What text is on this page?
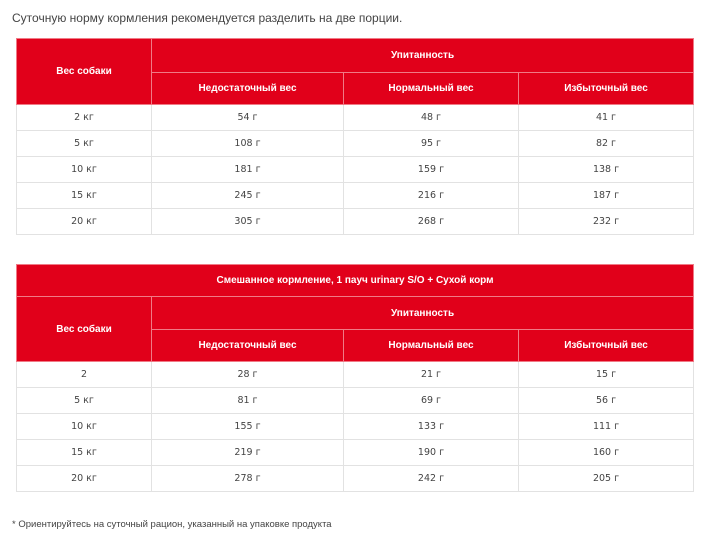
Суточную норму кормления рекомендуется разделить на две порции.

Вес собаки	Упитанность		
	Недостаточный вес	Нормальный вес	Избыточный вес
2 кг	54 г	48 г	41 г
5 кг	108 г	95 г	82 г
10 кг	181 г	159 г	138 г
15 кг	245 г	216 г	187 г
20 кг	305 г	268 г	232 г
Смешанное кормление, 1 пауч urinary S/O + Сухой корм			
Вес собаки	Упитанность		
	Недостаточный вес	Нормальный вес	Избыточный вес
2	28 г	21 г	15 г
5 кг	81 г	69 г	56 г
10 кг	155 г	133 г	111 г
15 кг	219 г	190 г	160 г
20 кг	278 г	242 г	205 г

* Ориентируйтесь на суточный рацион, указанный на упаковке продукта
